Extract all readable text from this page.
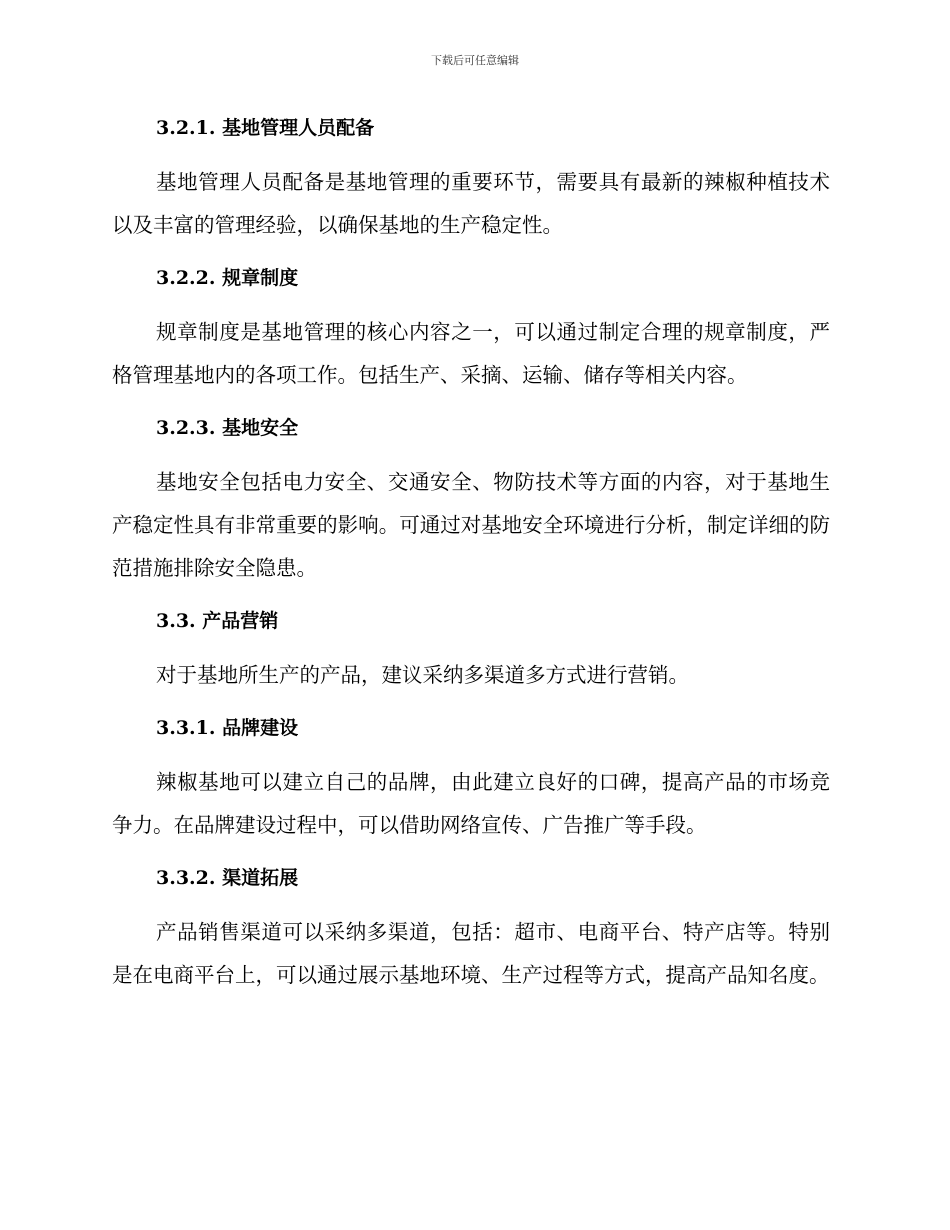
下载后可任意编辑
3.2.1. 基地管理人员配备

基地管理人员配备是基地管理的重要环节，需要具有最新的辣椒种植技术以及丰富的管理经验，以确保基地的生产稳定性。

3.2.2. 规章制度

规章制度是基地管理的核心内容之一，可以通过制定合理的规章制度，严格管理基地内的各项工作。包括生产、采摘、运输、储存等相关内容。

3.2.3. 基地安全

基地安全包括电力安全、交通安全、物防技术等方面的内容，对于基地生产稳定性具有非常重要的影响。可通过对基地安全环境进行分析，制定详细的防范措施排除安全隐患。

3.3. 产品营销

对于基地所生产的产品，建议采纳多渠道多方式进行营销。

3.3.1. 品牌建设

辣椒基地可以建立自己的品牌，由此建立良好的口碑，提高产品的市场竞争力。在品牌建设过程中，可以借助网络宣传、广告推广等手段。

3.3.2. 渠道拓展

产品销售渠道可以采纳多渠道，包括：超市、电商平台、特产店等。特别是在电商平台上，可以通过展示基地环境、生产过程等方式，提高产品知名度。
